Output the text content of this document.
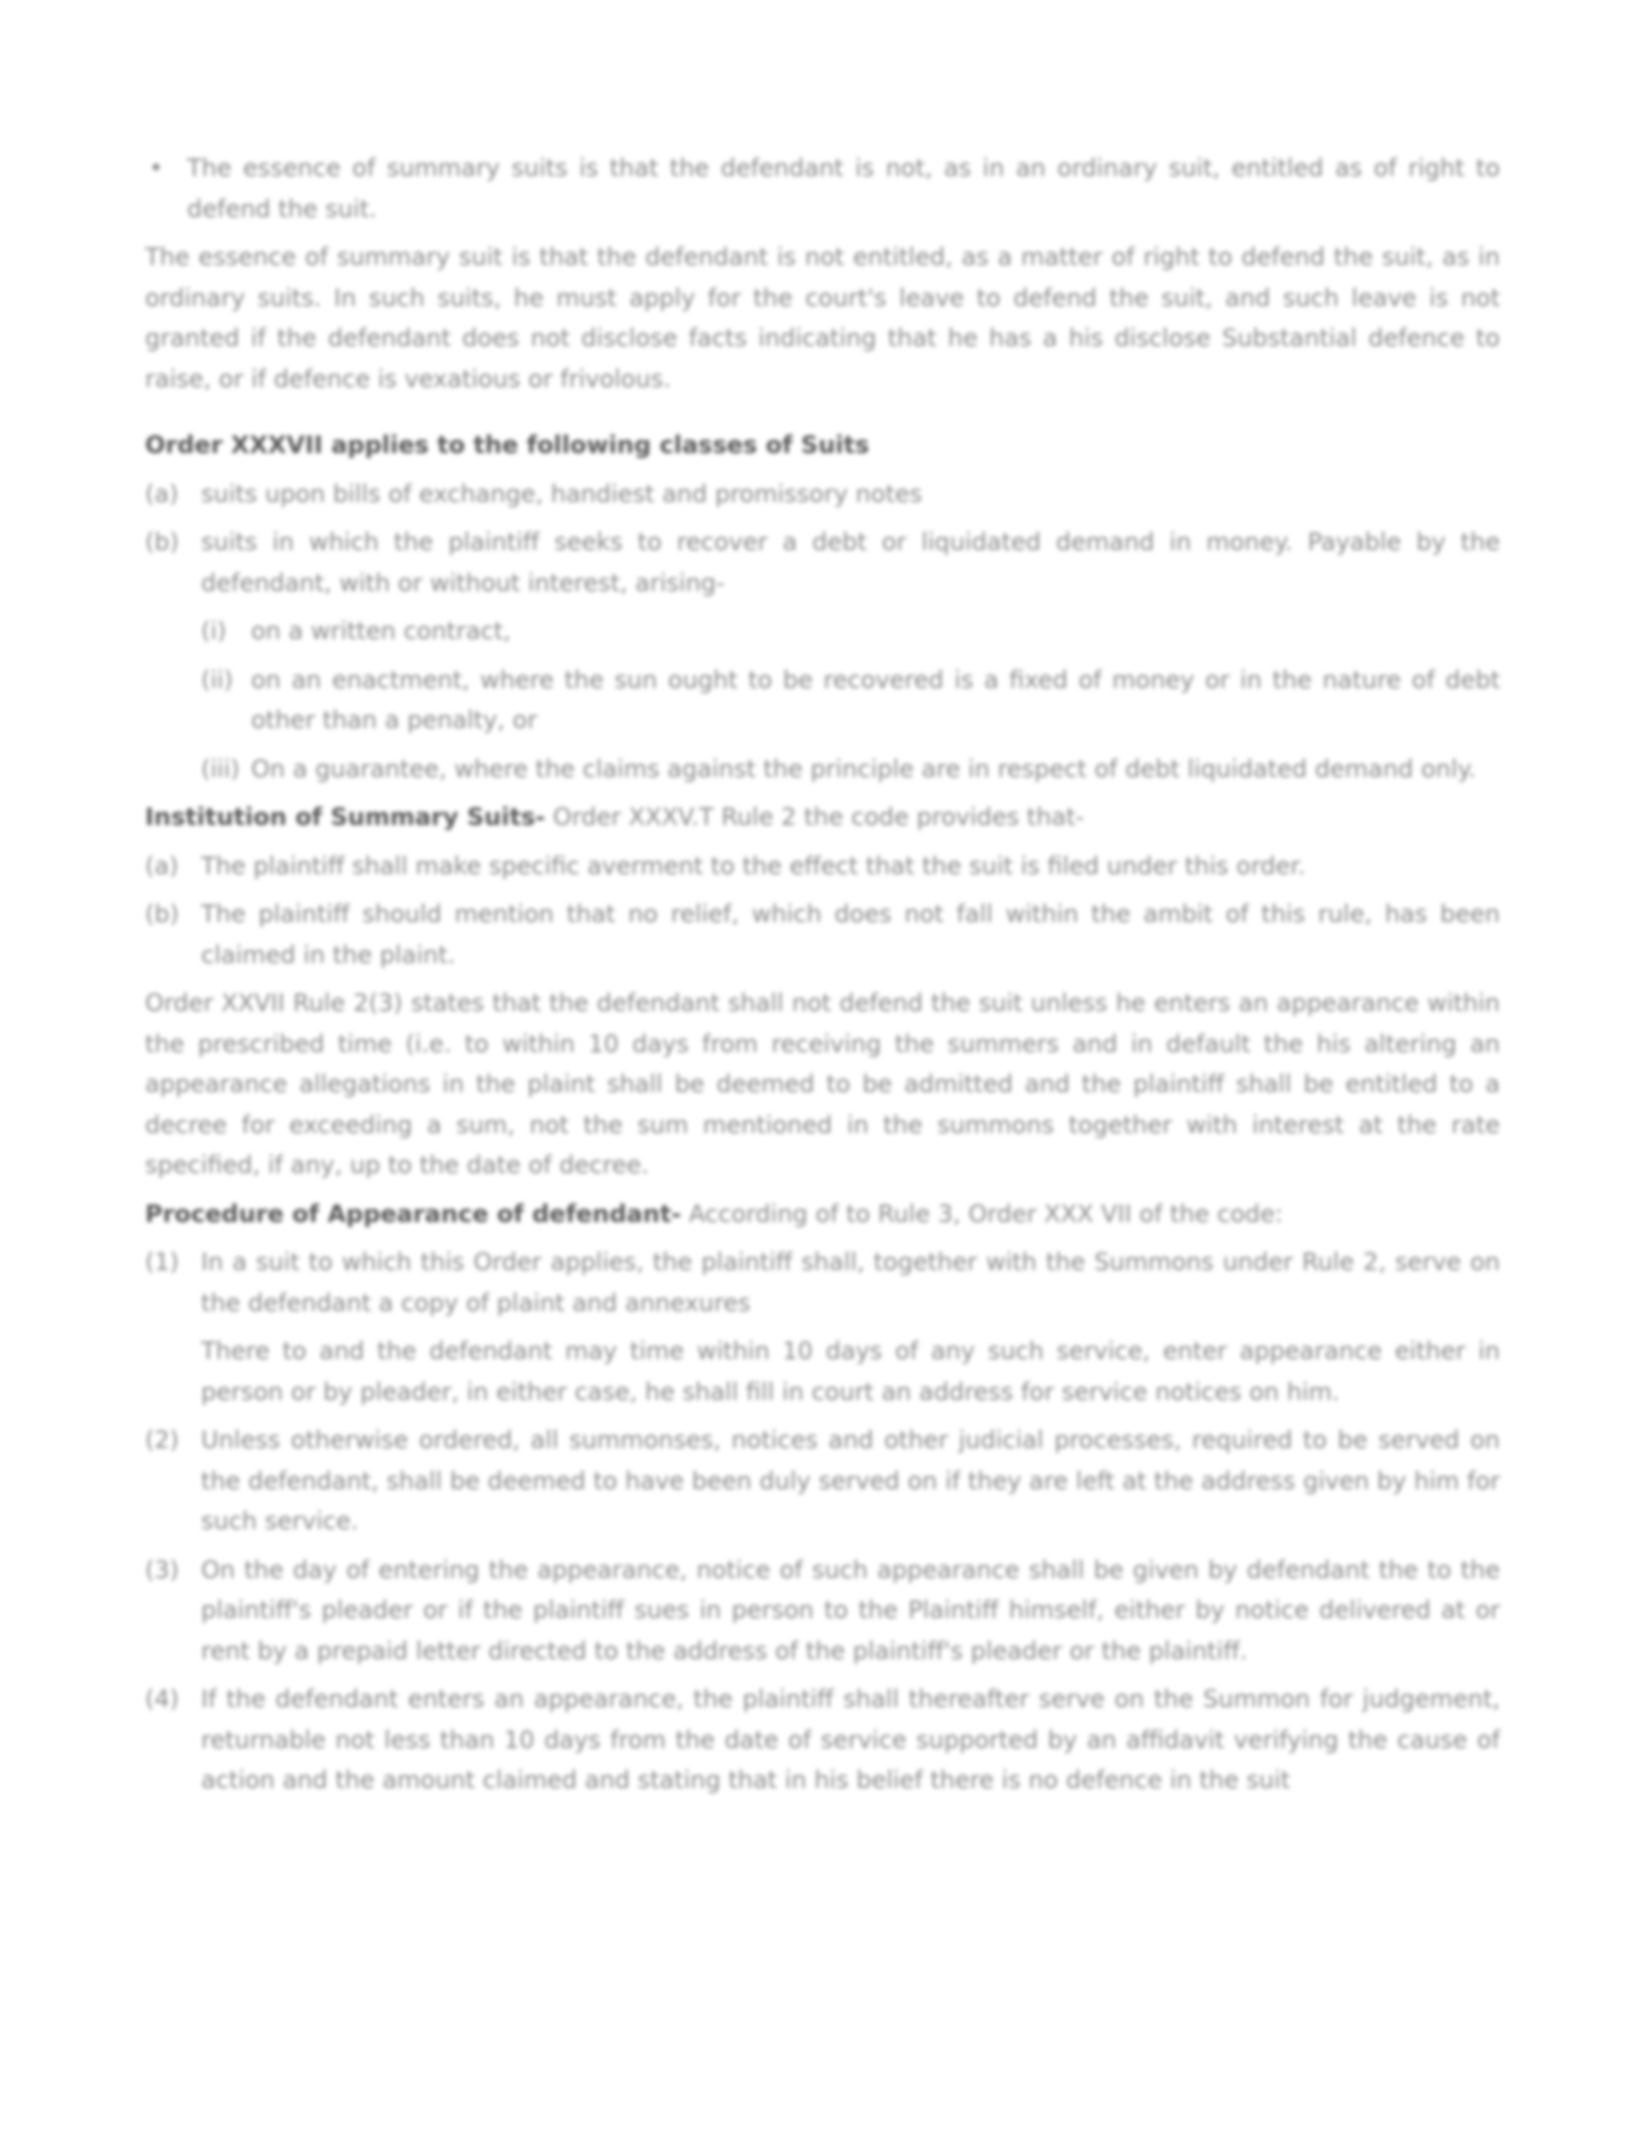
• The essence of summary suits is that the defendant is not, as in an ordinary suit, entitled as of right to defend the suit.

The essence of summary suit is that the defendant is not entitled, as a matter of right to defend the suit, as in ordinary suits. In such suits, he must apply for the court's leave to defend the suit, and such leave is not granted if the defendant does not disclose facts indicating that he has a his disclose Substantial defence to raise, or if defence is vexatious or frivolous.

Order XXXVII applies to the following classes of Suits
(a) suits upon bills of exchange, handiest and promissory notes
(b) suits in which the plaintiff seeks to recover a debt or liquidated demand in money. Payable by the defendant, with or without interest, arising-
(i)	on a written contract,
(ii) on an enactment, where the sun ought to be recovered is a fixed of money or in the nature of debt other than a penalty, or
(iii) On a guarantee, where the claims against the principle are in respect of debt liquidated demand only.
Institution of Summary Suits- Order XXXV.T Rule 2 the code provides that-
(a) The plaintiff shall make specific averment to the effect that the suit is filed under this order.
(b) The plaintiff should mention that no relief, which does not fall within the ambit of this rule, has been claimed in the plaint.

Order XXVII Rule 2(3) states that the defendant shall not defend the suit unless he enters an appearance within the prescribed time (i.e. to within 10 days from receiving the summers and in default the his altering an appearance allegations in the plaint shall be deemed to be admitted and the plaintiff shall be entitled to a decree for exceeding a sum, not the sum mentioned in the summons together with interest at the rate specified, if any, up to the date of decree.

Procedure of Appearance of defendant- According of to Rule 3, Order XXX VII of the code:
(1) In a suit to which this Order applies, the plaintiff shall, together with the Summons under Rule 2, serve on the defendant a copy of plaint and annexures
There to and the defendant may time within 10 days of any such service, enter appearance either in person or by pleader, in either case, he shall fill in court an address for service notices on him.
(2) Unless otherwise ordered, all summonses, notices and other judicial processes, required to be served on the defendant, shall be deemed to have been duly served on if they are left at the address given by him for such service.
(3) On the day of entering the appearance, notice of such appearance shall be given by defendant the to the plaintiff's pleader or if the plaintiff sues in person to the Plaintiff himself, either by notice delivered at or rent by a prepaid letter directed to the address of the plaintiff's pleader or the plaintiff.
(4) If the defendant enters an appearance, the plaintiff shall thereafter serve on the Summon for judgement, returnable not less than 10 days from the date of service supported by an affidavit verifying the cause of action and the amount claimed and stating that in his belief there is no defence in the suit
